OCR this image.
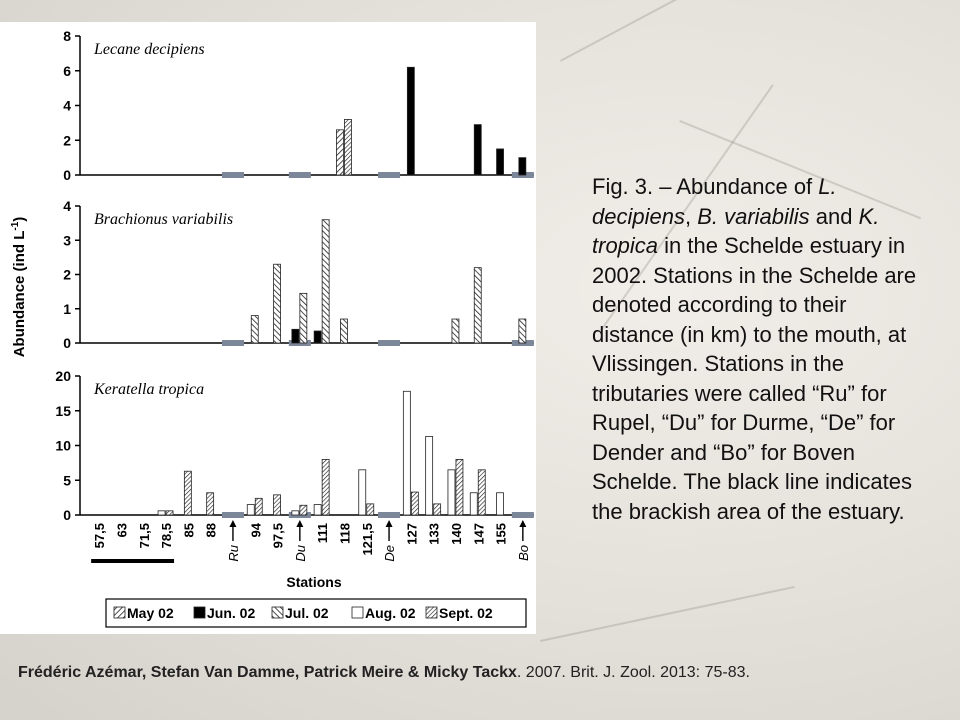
0
2
4
6
8
Lecane decipiens
0
1
2
3
4
Brachionus variabilis
0
5
10
15
20
Keratella tropica
Abundance (ind $L^{-1}$)
57,5 63 71,5 78,5 85 88
Ru
94 97,5
Du
111 118 121,5 De
127 133 140 147 155
Bo
Stations
May 02 Jun. 02 Jul. 02	Aug. 02 Sept. 02
Fig. 3. – Abundance of L. decipiens, B. variabilis and K. tropica in the Schelde estuary in 2002. Stations in the Schelde are denoted according to their distance (in km) to the mouth, at Vlissingen. Stations in the tributaries were called “Ru” for Rupel, “Du” for Durme, “De” for Dender and “Bo” for Boven Schelde. The black line indicates the brackish area of the estuary.
Frédéric Azémar, Stefan Van Damme, Patrick Meire & Micky Tackx. 2007. Brit. J. Zool. 2013: 75-83.
